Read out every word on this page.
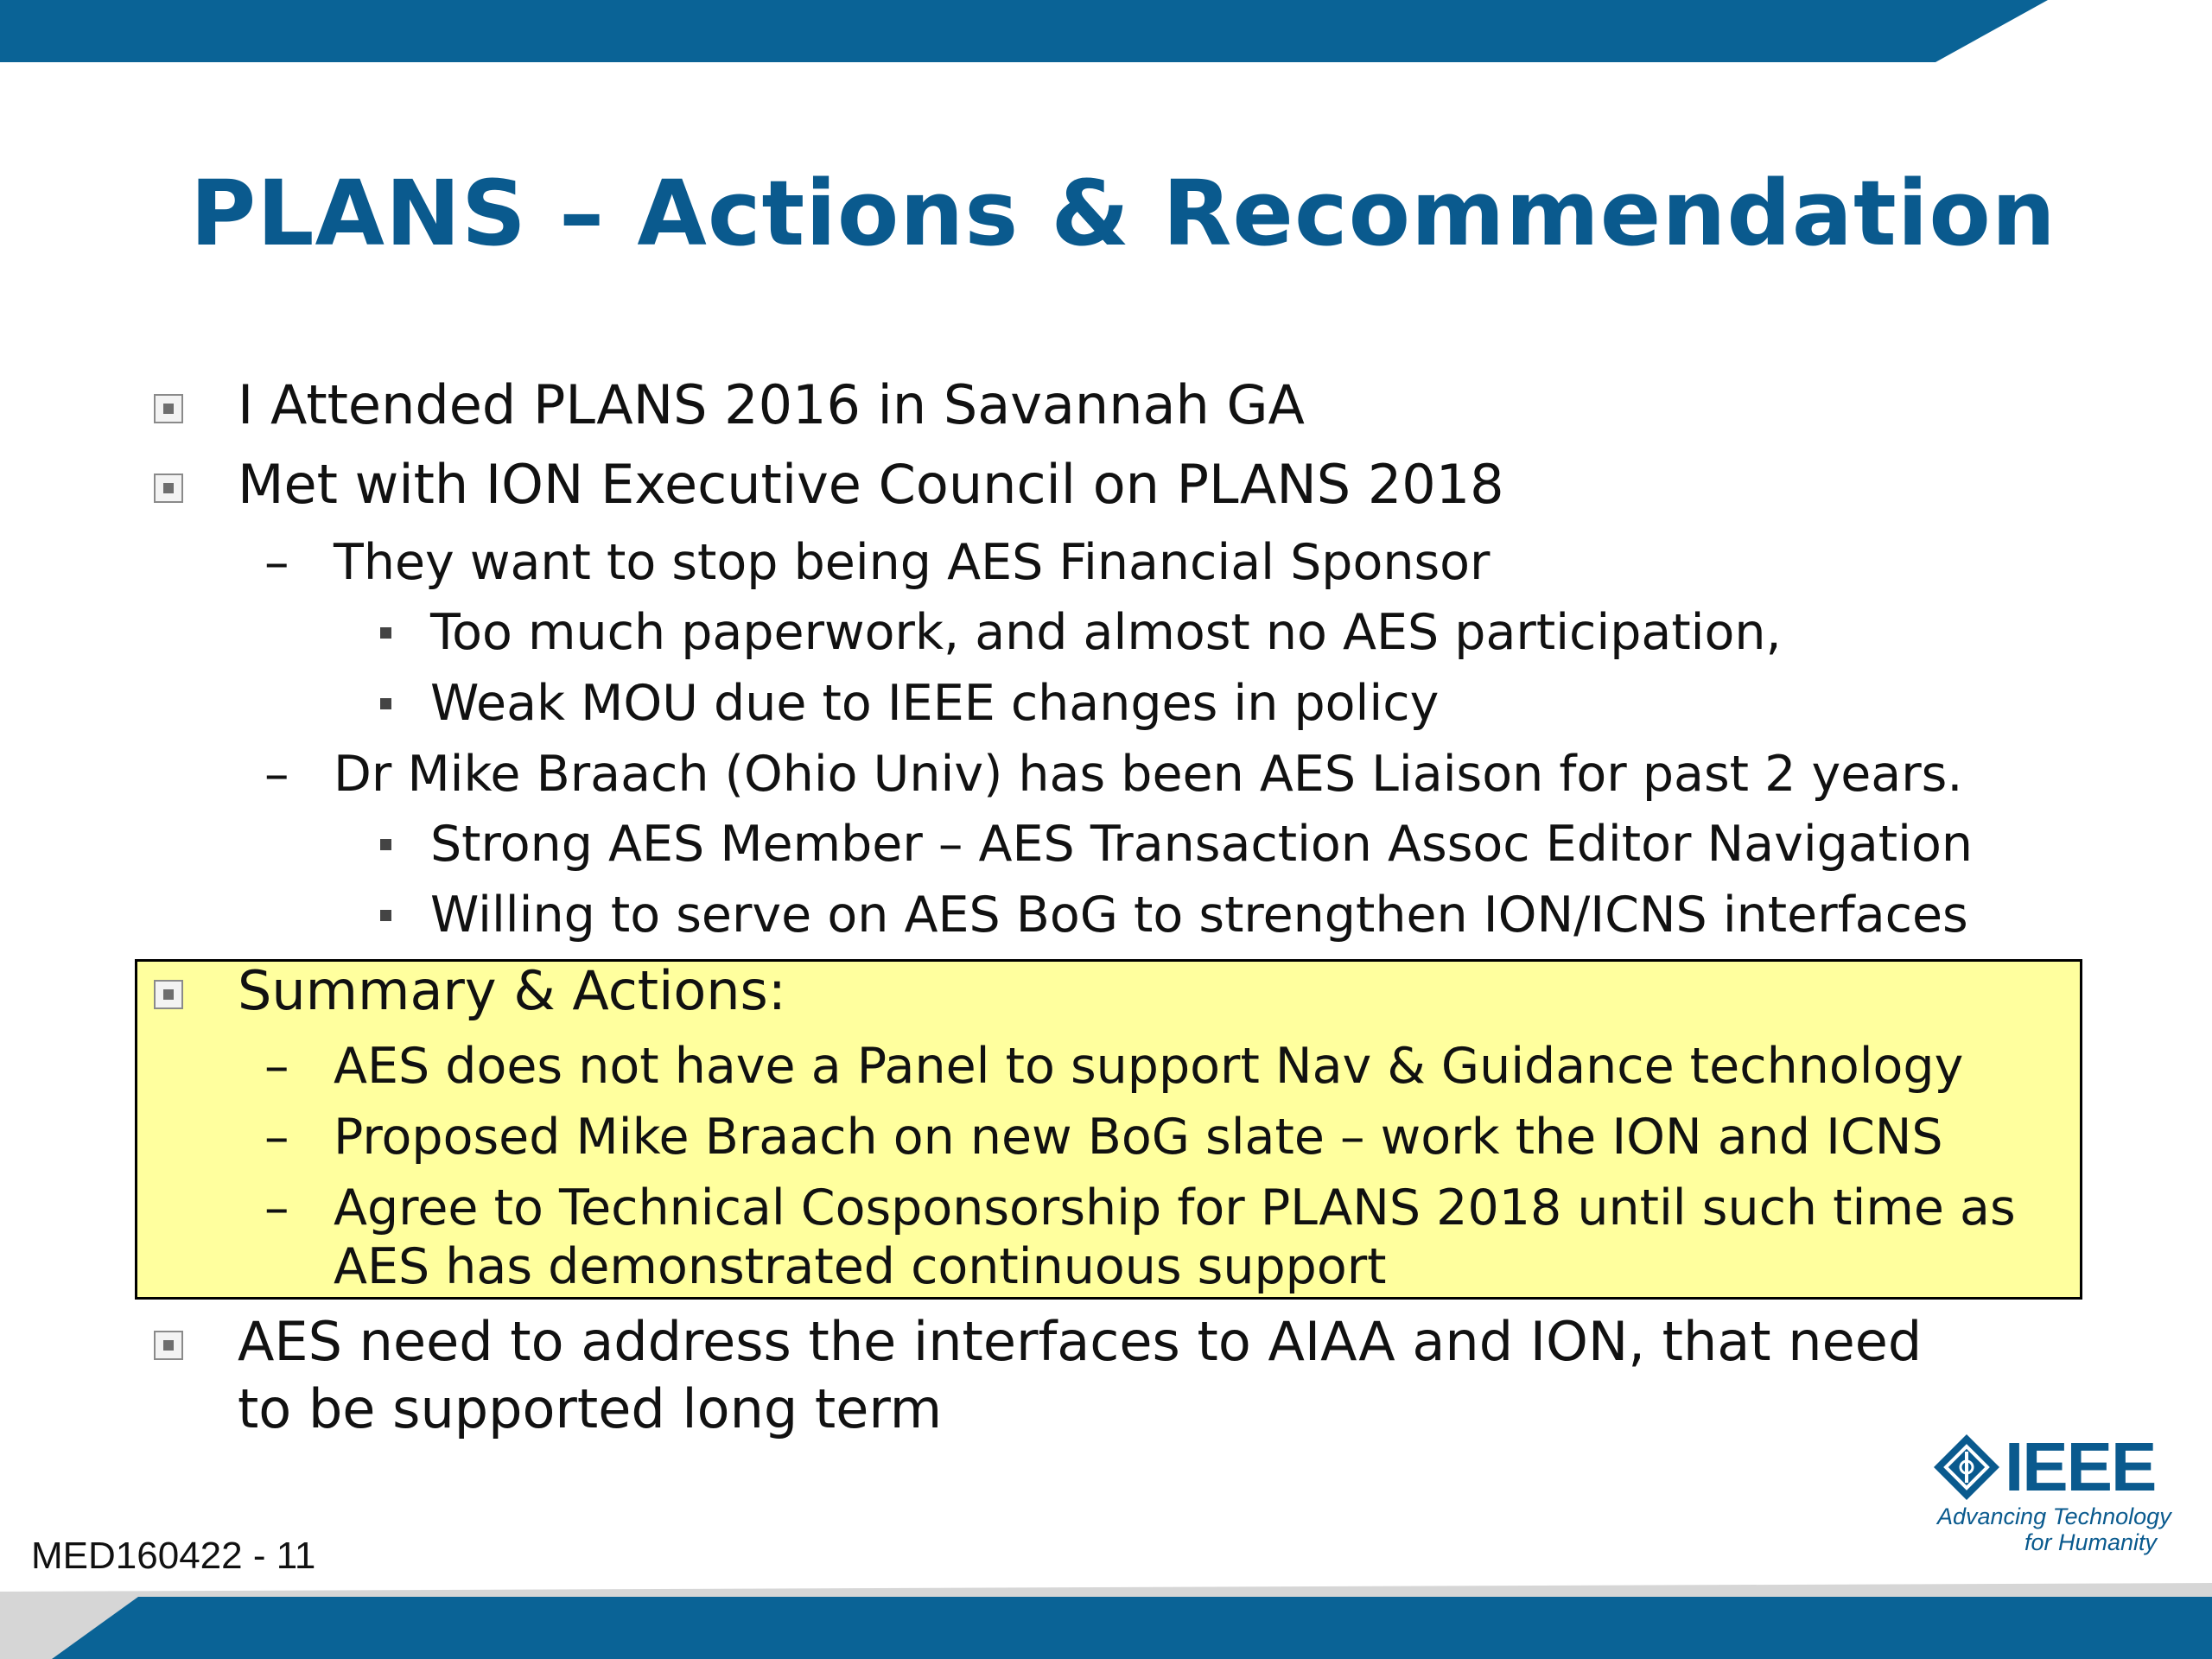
PLANS – Actions & Recommendation
I Attended PLANS 2016 in Savannah GA
Met with ION Executive Council on PLANS 2018
– They want to stop being AES Financial Sponsor
Too much paperwork, and almost no AES participation,
Weak MOU due to IEEE changes in policy
– Dr Mike Braach (Ohio Univ) has been AES Liaison for past 2 years.
Strong AES Member – AES Transaction Assoc Editor Navigation
Willing to serve on AES BoG to strengthen ION/ICNS interfaces
Summary & Actions:
– AES does not have a Panel to support Nav & Guidance technology
– Proposed Mike Braach on new BoG slate – work the ION and ICNS
– Agree to Technical Cosponsorship for PLANS 2018 until such time as
AES has demonstrated continuous support
AES need to address the interfaces to AIAA and ION, that need
to be supported long term
MED160422 - 11
IEEE
Advancing Technology
for Humanity
